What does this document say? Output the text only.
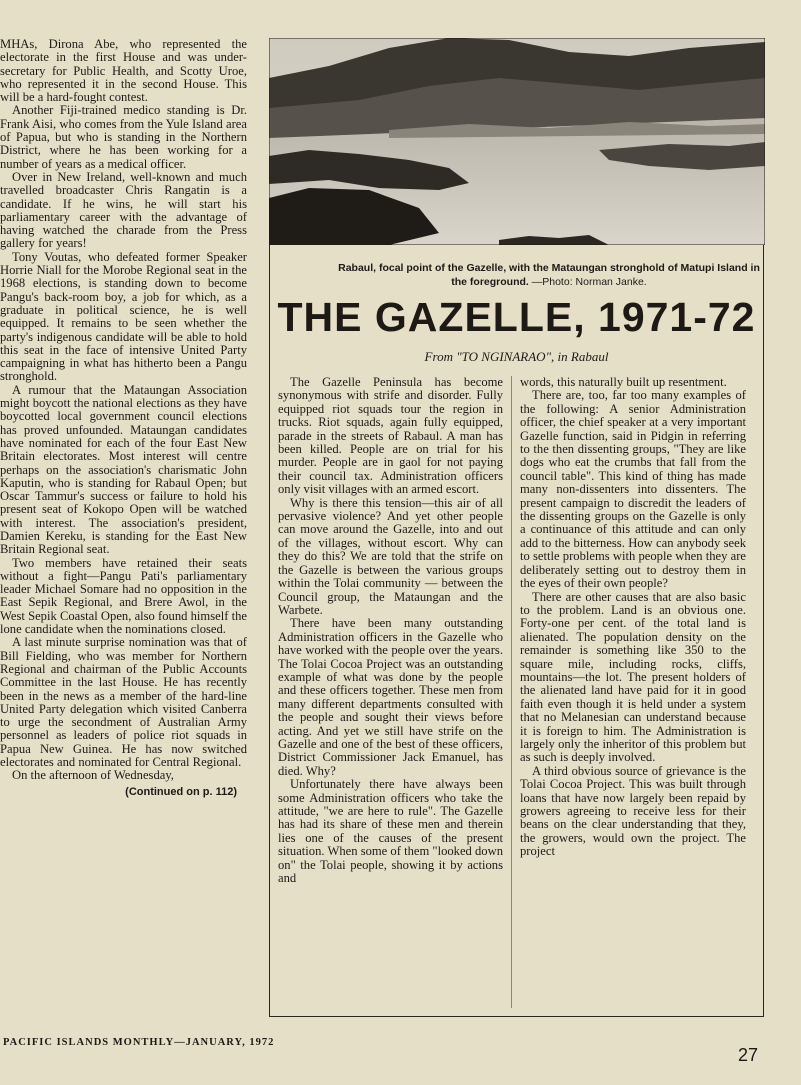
MHAs, Dirona Abe, who represented the electorate in the first House and was under-secretary for Public Health, and Scotty Uroe, who represented it in the second House. This will be a hard-fought contest.

Another Fiji-trained medico standing is Dr. Frank Aisi, who comes from the Yule Island area of Papua, but who is standing in the Northern District, where he has been working for a number of years as a medical officer.

Over in New Ireland, well-known and much travelled broadcaster Chris Rangatin is a candidate. If he wins, he will start his parliamentary career with the advantage of having watched the charade from the Press gallery for years!

Tony Voutas, who defeated former Speaker Horrie Niall for the Morobe Regional seat in the 1968 elections, is standing down to become Pangu's back-room boy, a job for which, as a graduate in political science, he is well equipped. It remains to be seen whether the party's indigenous candidate will be able to hold this seat in the face of intensive United Party campaigning in what has hitherto been a Pangu stronghold.

A rumour that the Mataungan Association might boycott the national elections as they have boycotted local government council elections has proved unfounded. Mataungan candidates have nominated for each of the four East New Britain electorates. Most interest will centre perhaps on the association's charismatic John Kaputin, who is standing for Rabaul Open; but Oscar Tammur's success or failure to hold his present seat of Kokopo Open will be watched with interest. The association's president, Damien Kereku, is standing for the East New Britain Regional seat.

Two members have retained their seats without a fight—Pangu Pati's parliamentary leader Michael Somare had no opposition in the East Sepik Regional, and Brere Awol, in the West Sepik Coastal Open, also found himself the lone candidate when the nominations closed.

A last minute surprise nomination was that of Bill Fielding, who was member for Northern Regional and chairman of the Public Accounts Committee in the last House. He has recently been in the news as a member of the hard-line United Party delegation which visited Canberra to urge the secondment of Australian Army personnel as leaders of police riot squads in Papua New Guinea. He has now switched electorates and nominated for Central Regional.

On the afternoon of Wednesday,

(Continued on p. 112)
Rabaul, focal point of the Gazelle, with the Mataungan stronghold of Matupi Island in the foreground. —Photo: Norman Janke.
THE GAZELLE, 1971-72
From "TO NGINARAO", in Rabaul

The Gazelle Peninsula has become synonymous with strife and disorder. Fully equipped riot squads tour the region in trucks. Riot squads, again fully equipped, parade in the streets of Rabaul. A man has been killed. People are on trial for his murder. People are in gaol for not paying their council tax. Administration officers only visit villages with an armed escort.

Why is there this tension—this air of all pervasive violence? And yet other people can move around the Gazelle, into and out of the villages, without escort. Why can they do this? We are told that the strife on the Gazelle is between the various groups within the Tolai community — between the Council group, the Mataungan and the Warbete.

There have been many outstanding Administration officers in the Gazelle who have worked with the people over the years. The Tolai Cocoa Project was an outstanding example of what was done by the people and these officers together. These men from many different departments consulted with the people and sought their views before acting. And yet we still have strife on the Gazelle and one of the best of these officers, District Commissioner Jack Emanuel, has died. Why?

Unfortunately there have always been some Administration officers who take the attitude, "we are here to rule". The Gazelle has had its share of these men and therein lies one of the causes of the present situation. When some of them "looked down on" the Tolai people, showing it by actions and

words, this naturally built up resentment.

There are, too, far too many examples of the following: A senior Administration officer, the chief speaker at a very important Gazelle function, said in Pidgin in referring to the then dissenting groups, "They are like dogs who eat the crumbs that fall from the council table". This kind of thing has made many non-dissenters into dissenters. The present campaign to discredit the leaders of the dissenting groups on the Gazelle is only a continuance of this attitude and can only add to the bitterness. How can anybody seek to settle problems with people when they are deliberately setting out to destroy them in the eyes of their own people?

There are other causes that are also basic to the problem. Land is an obvious one. Forty-one per cent. of the total land is alienated. The population density on the remainder is something like 350 to the square mile, including rocks, cliffs, mountains—the lot. The present holders of the alienated land have paid for it in good faith even though it is held under a system that no Melanesian can understand because it is foreign to him. The Administration is largely only the inheritor of this problem but as such is deeply involved.

A third obvious source of grievance is the Tolai Cocoa Project. This was built through loans that have now largely been repaid by growers agreeing to receive less for their beans on the clear understanding that they, the growers, would own the project. The project

PACIFIC ISLANDS MONTHLY—JANUARY, 1972
27
